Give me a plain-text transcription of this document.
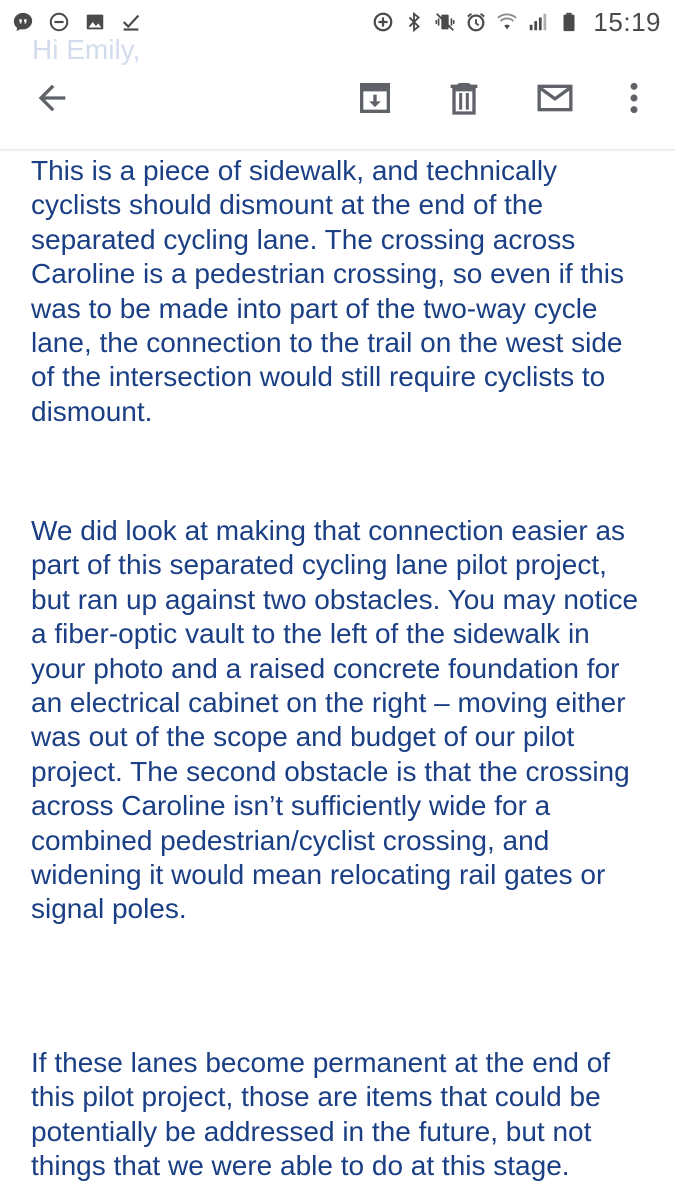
15:19
Hi Emily,

This is a piece of sidewalk, and technically cyclists should dismount at the end of the separated cycling lane. The crossing across Caroline is a pedestrian crossing, so even if this was to be made into part of the two-way cycle lane, the connection to the trail on the west side of the intersection would still require cyclists to dismount.

We did look at making that connection easier as part of this separated cycling lane pilot project, but ran up against two obstacles. You may notice a fiber-optic vault to the left of the sidewalk in your photo and a raised concrete foundation for an electrical cabinet on the right – moving either was out of the scope and budget of our pilot project. The second obstacle is that the crossing across Caroline isn’t sufficiently wide for a combined pedestrian/cyclist crossing, and widening it would mean relocating rail gates or signal poles.

If these lanes become permanent at the end of this pilot project, those are items that could be potentially be addressed in the future, but not things that we were able to do at this stage.
